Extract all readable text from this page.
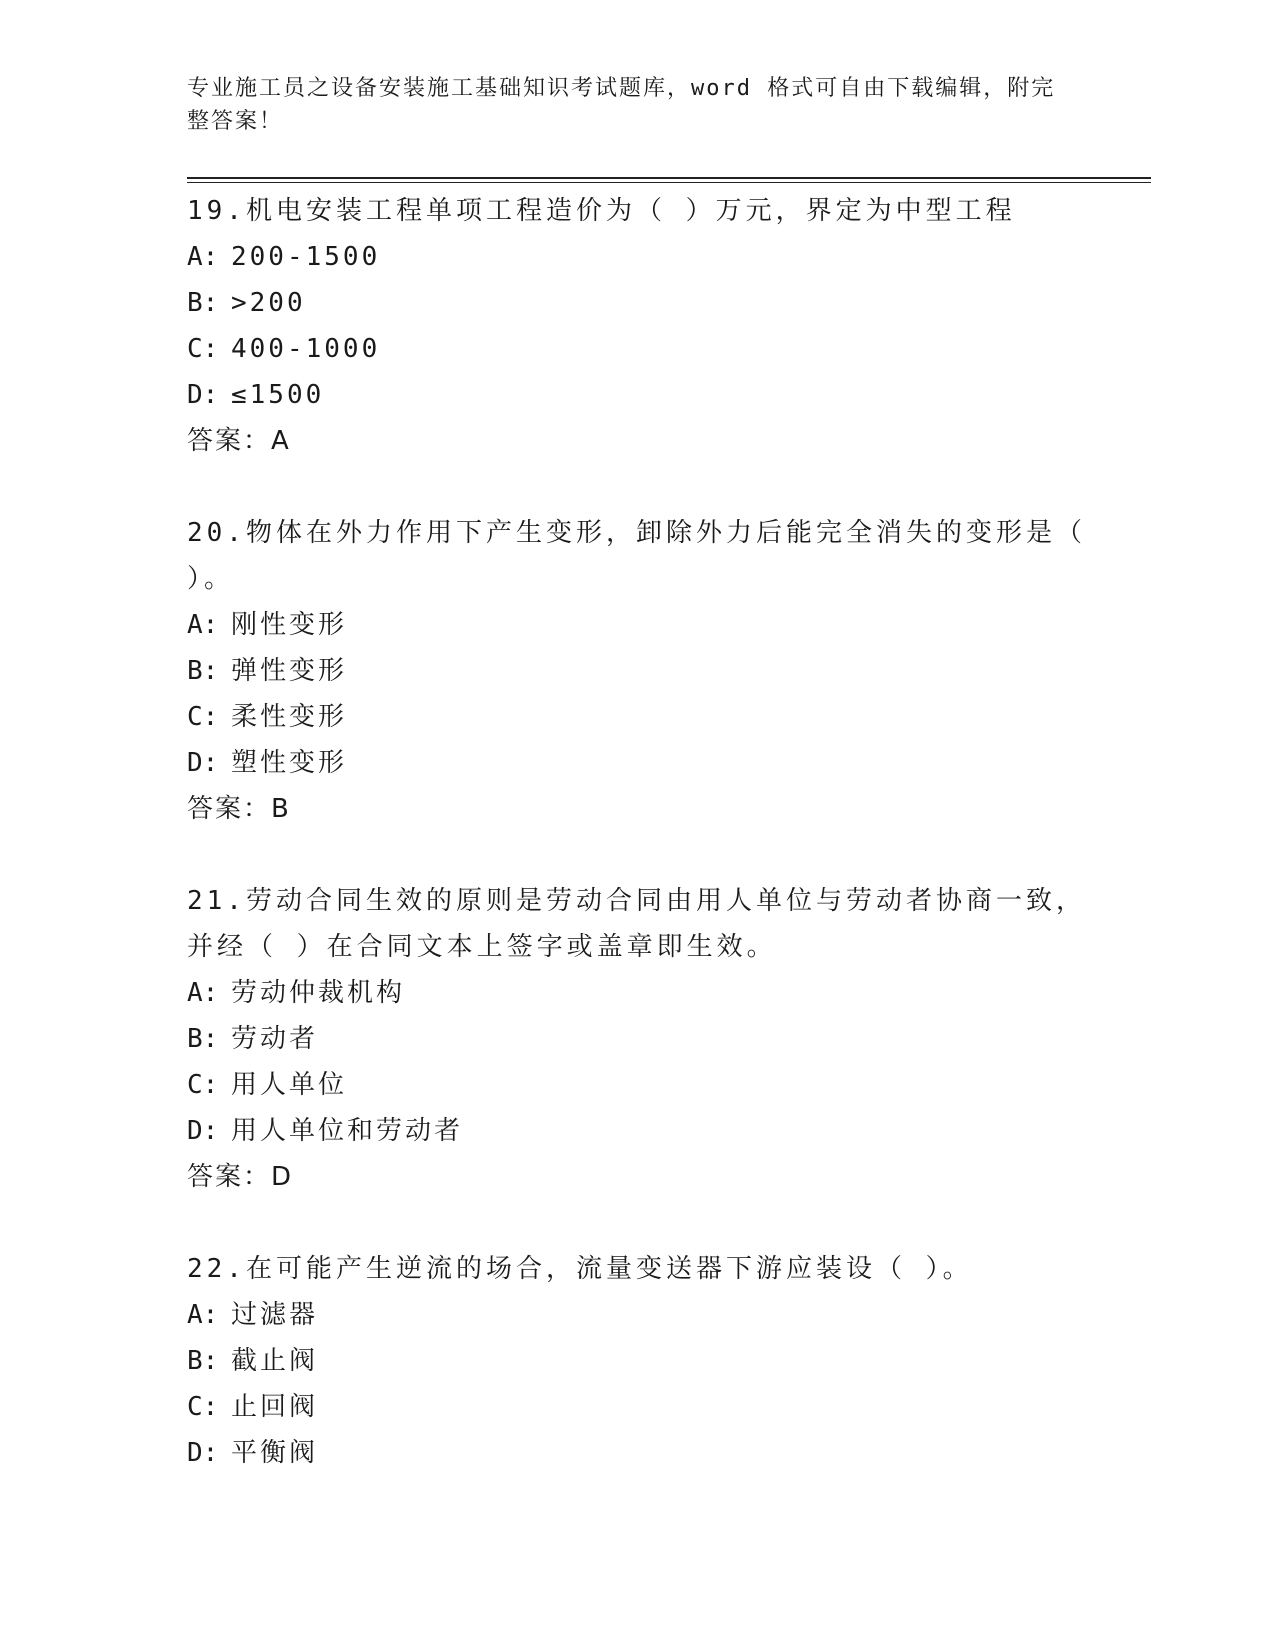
专业施工员之设备安装施工基础知识考试题库，word 格式可自由下载编辑，附完整答案！

19.机电安装工程单项工程造价为（ ）万元，界定为中型工程

A: 200-1500

B: >200

C: 400-1000

D: ≤1500

答案：A

20.物体在外力作用下产生变形，卸除外力后能完全消失的变形是（ ）。

A: 刚性变形

B: 弹性变形

C: 柔性变形

D: 塑性变形

答案：B

21.劳动合同生效的原则是劳动合同由用人单位与劳动者协商一致，并经（ ）在合同文本上签字或盖章即生效。

A: 劳动仲裁机构

B: 劳动者

C: 用人单位

D: 用人单位和劳动者

答案：D

22.在可能产生逆流的场合，流量变送器下游应装设（ ）。

A: 过滤器

B: 截止阀

C: 止回阀

D: 平衡阀
